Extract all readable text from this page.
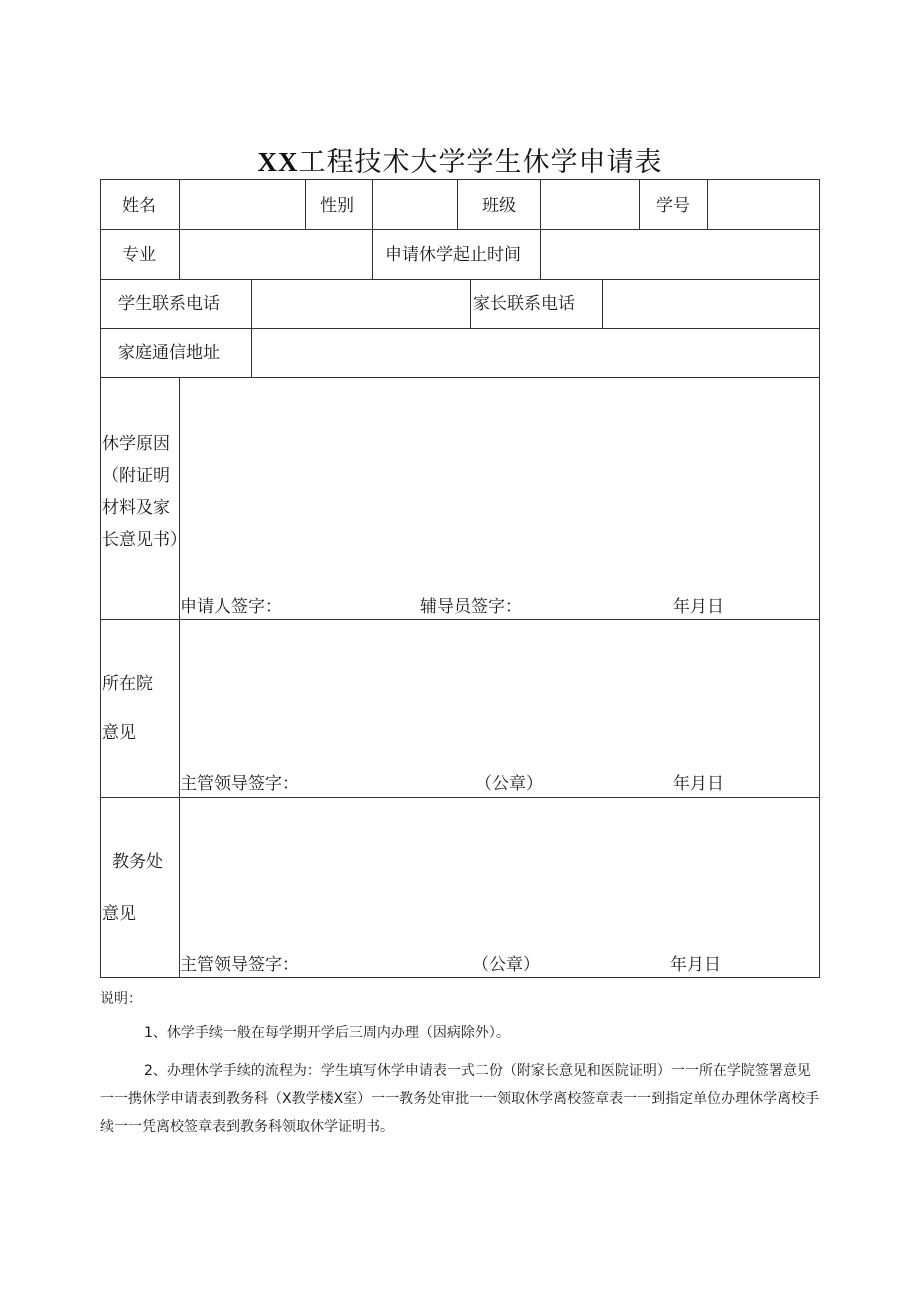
XX工程技术大学学生休学申请表
姓名	性别	班级	学号
专业	申请休学起止时间
学生联系电话	家长联系电话
家庭通信地址
休学原因（附证明材料及家长意见书）
申请人签字：	辅导员签字：	年月日
所在院
意见
主管领导签字：	（公章）	年月日
教务处
意见
主管领导签字：	（公章）	年月日
说明：
1、休学手续一般在每学期开学后三周内办理（因病除外）。
2、办理休学手续的流程为：学生填写休学申请表一式二份（附家长意见和医院证明）一一所在学院签署意见一一携休学申请表到教务科（X教学楼X室）一一教务处审批一一领取休学离校签章表一一到指定单位办理休学离校手续一一凭离校签章表到教务科领取休学证明书。
